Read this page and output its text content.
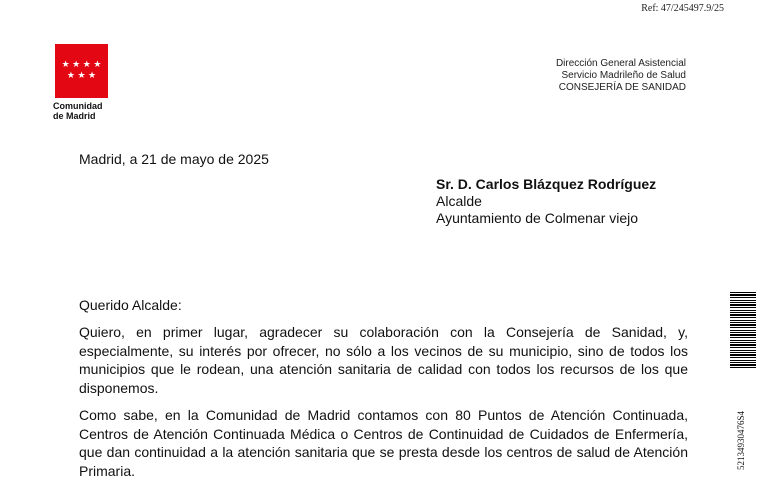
Ref: 47/245497.9/25
★ ★ ★ ★
★ ★ ★
Comunidad
de Madrid
Dirección General Asistencial
Servicio Madrileño de Salud
CONSEJERÍA DE SANIDAD
Madrid, a 21 de mayo de 2025
Sr. D. Carlos Blázquez Rodríguez
Alcalde
Ayuntamiento de Colmenar viejo
Querido Alcalde:
Quiero, en primer lugar, agradecer su colaboración con la Consejería de Sanidad, y, especialmente, su interés por ofrecer, no sólo a los vecinos de su municipio, sino de todos los municipios que le rodean, una atención sanitaria de calidad con todos los recursos de los que disponemos.
Como sabe, en la Comunidad de Madrid contamos con 80 Puntos de Atención Continuada, Centros de Atención Continuada Médica o Centros de Continuidad de Cuidados de Enfermería, que dan continuidad a la atención sanitaria que se presta desde los centros de salud de Atención Primaria.
52134930476S4
